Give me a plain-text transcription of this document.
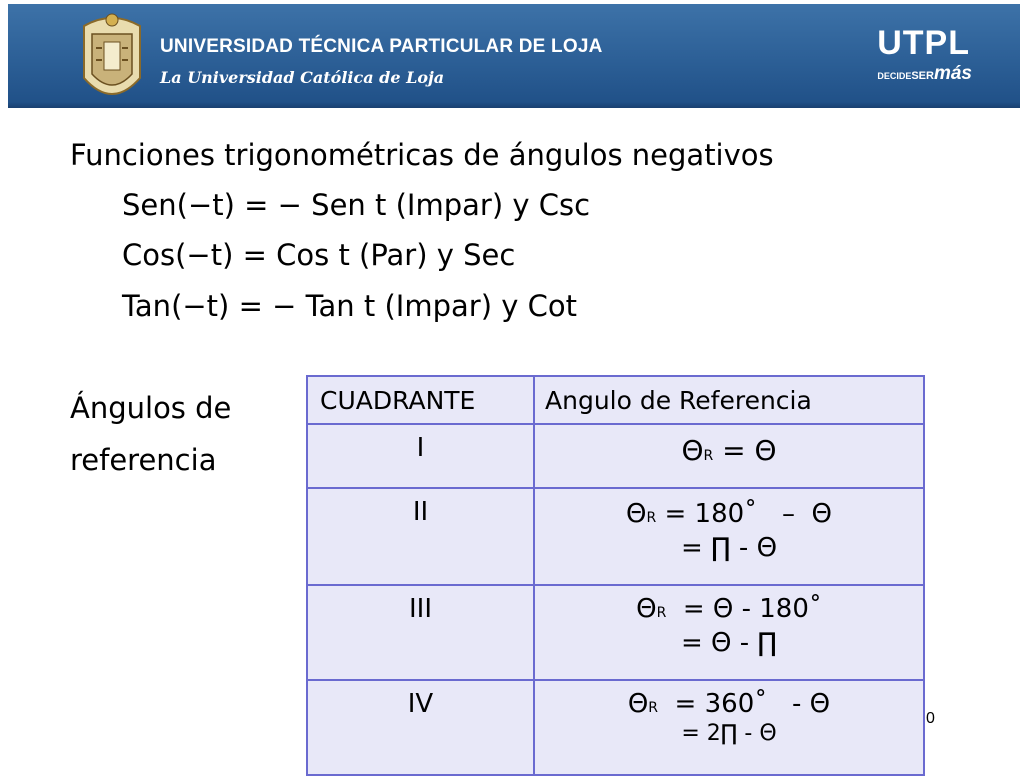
UNIVERSIDAD TÉCNICA PARTICULAR DE LOJA
La Universidad Católica de Loja
UTPL
DECIDESERmás
Funciones trigonométricas de ángulos negativos
Sen(−t) = − Sen t (Impar) y Csc
Cos(−t) = Cos t (Par) y Sec
Tan(−t) = − Tan t (Impar) y Cot
Ángulos de
referencia
CUADRANTE	Angulo de Referencia
I	ΘR = Θ

II	ΘR = 180˚   –  Θ
= ∏ - Θ

III	ΘR  = Θ - 180˚
= Θ - ∏

IV	ΘR  = 360˚   - Θ
= 2∏ - Θ
0
